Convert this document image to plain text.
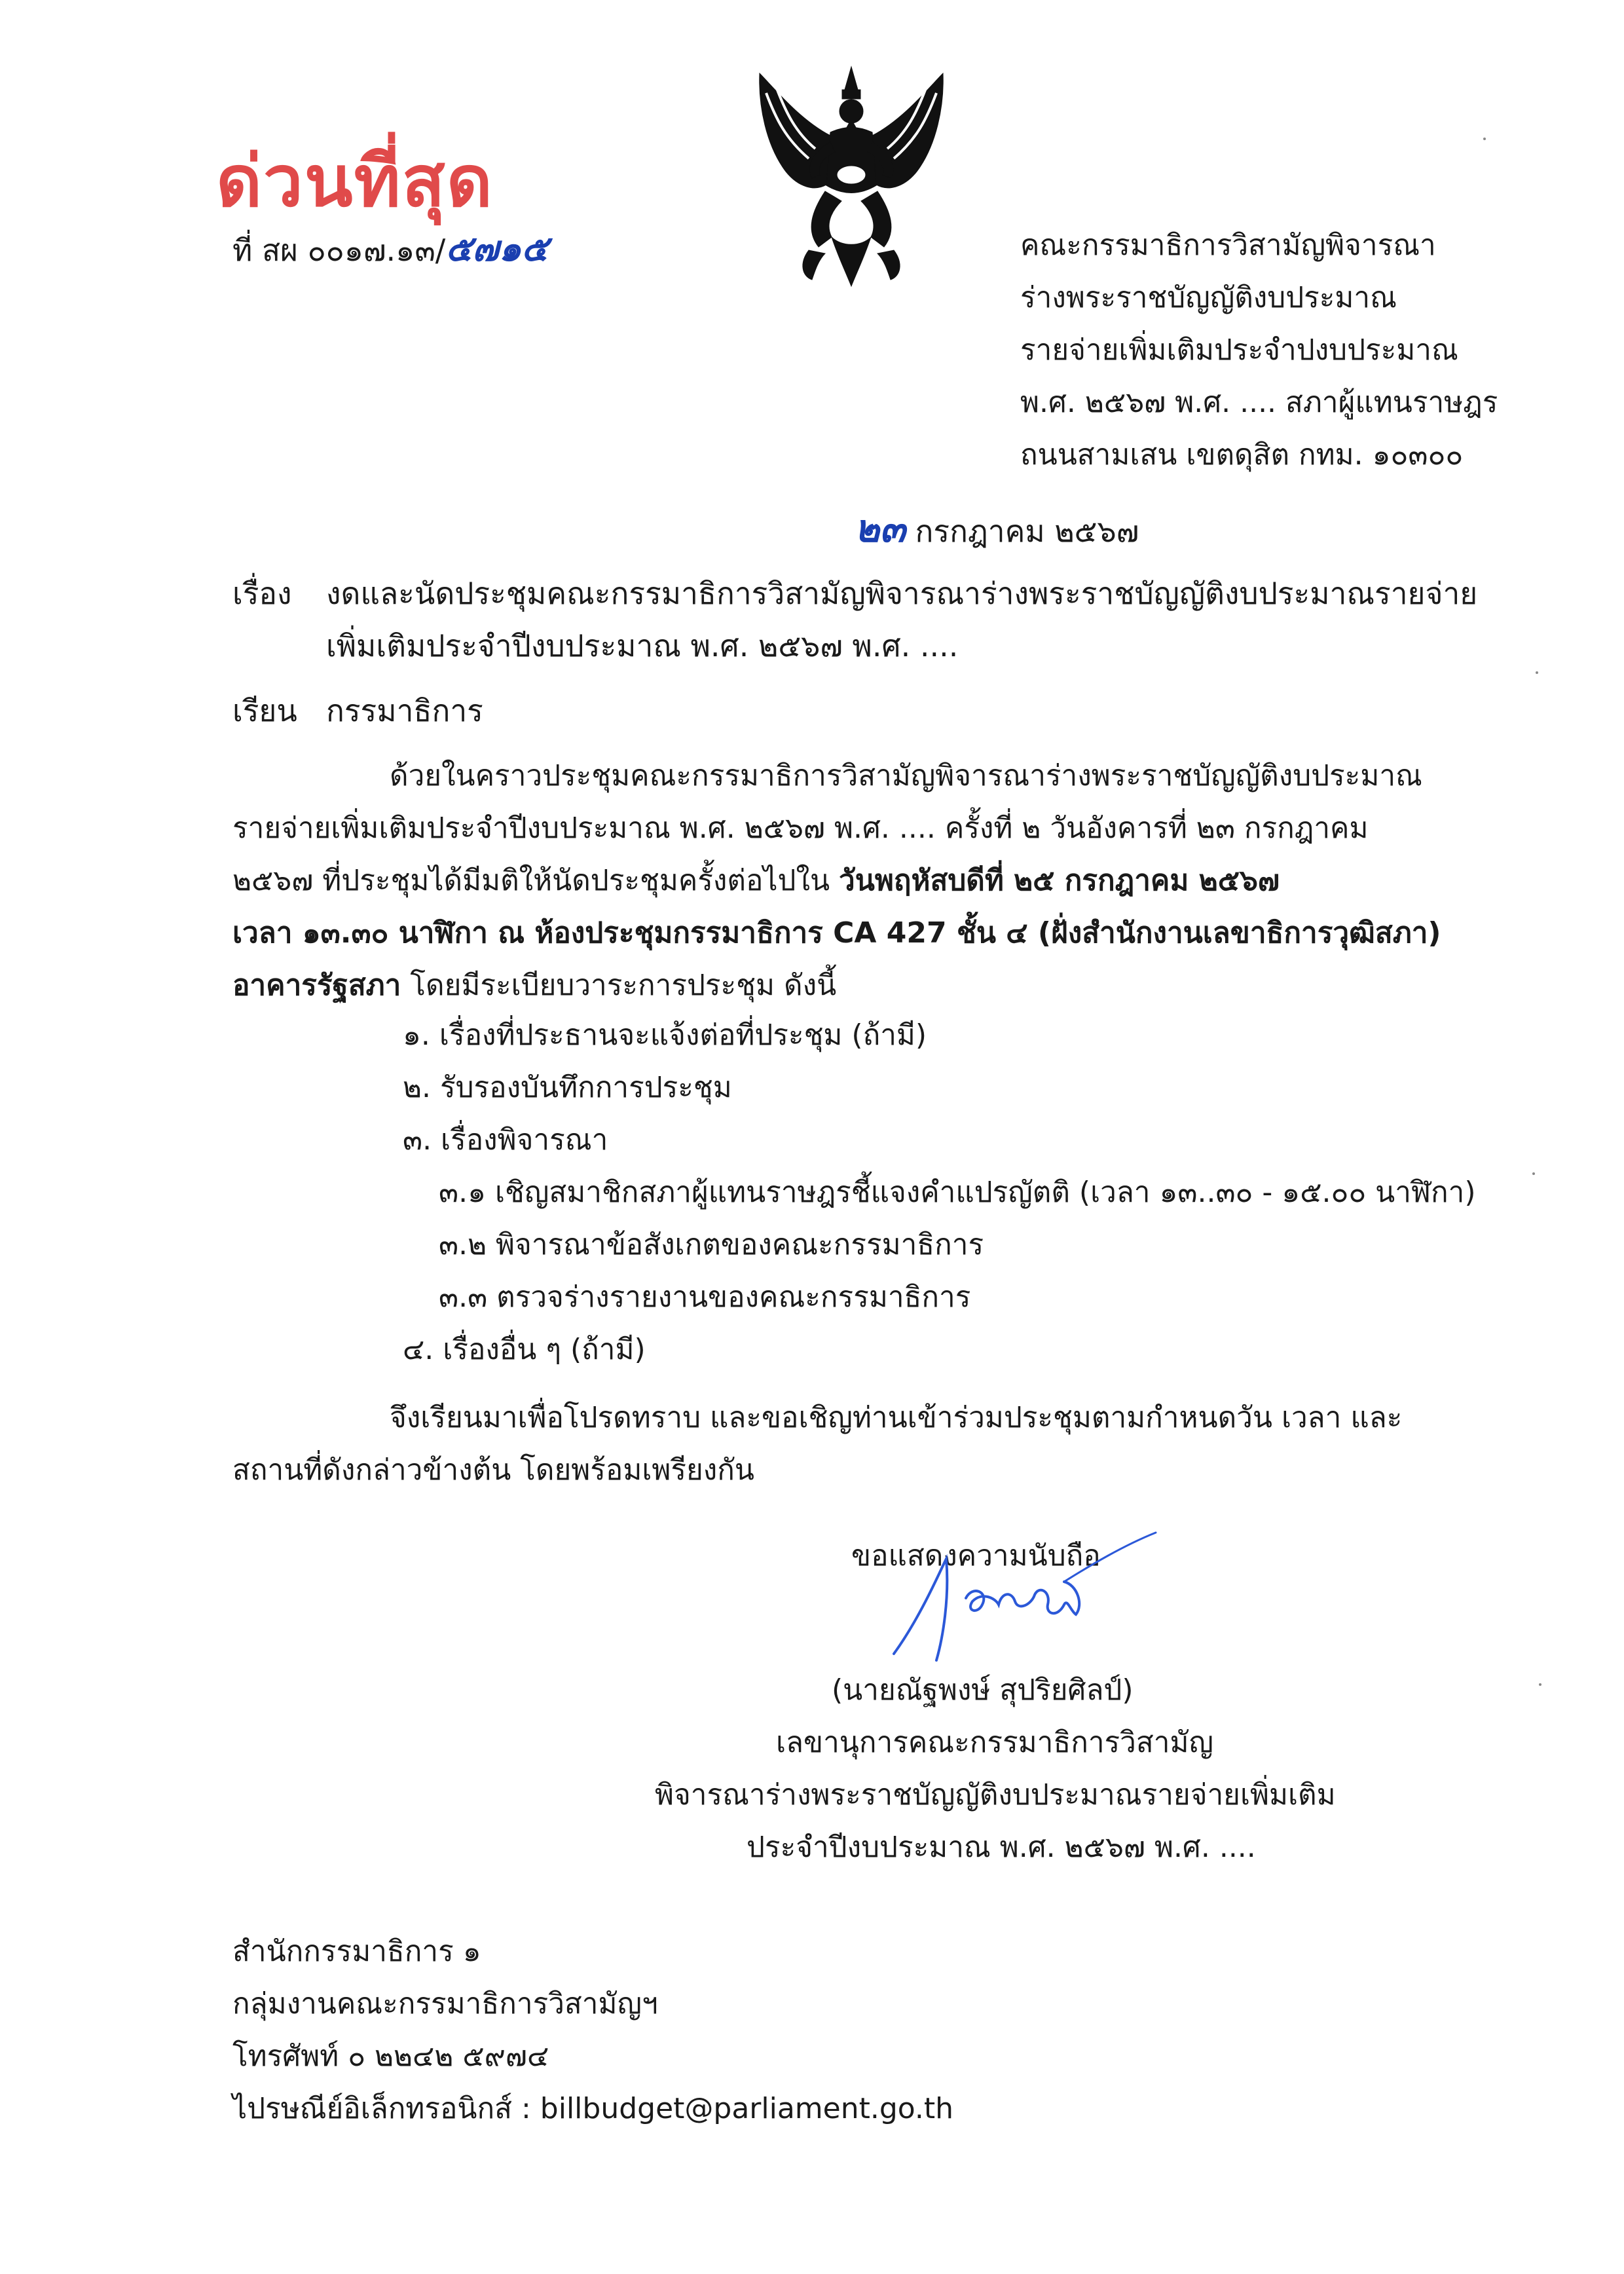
ด่วนที่สุด
ที่ สผ ๐๐๑๗.๑๓/๕๗๑๕	คณะกรรมาธิการวิสามัญพิจารณา
ร่างพระราชบัญญัติงบประมาณ
รายจ่ายเพิ่มเติมประจำปงบประมาณ
พ.ศ. ๒๕๖๗ พ.ศ. .... สภาผู้แทนราษฎร
ถนนสามเสน เขตดุสิต กทม. ๑๐๓๐๐
๒๓ กรกฎาคม ๒๕๖๗
เรื่อง งดและนัดประชุมคณะกรรมาธิการวิสามัญพิจารณาร่างพระราชบัญญัติงบประมาณรายจ่าย
เพิ่มเติมประจำปีงบประมาณ พ.ศ. ๒๕๖๗ พ.ศ. ....
เรียน กรรมาธิการ
ด้วยในคราวประชุมคณะกรรมาธิการวิสามัญพิจารณาร่างพระราชบัญญัติงบประมาณ
รายจ่ายเพิ่มเติมประจำปีงบประมาณ พ.ศ. ๒๕๖๗ พ.ศ. .... ครั้งที่ ๒ วันอังคารที่ ๒๓ กรกฎาคม
๒๕๖๗ ที่ประชุมได้มีมติให้นัดประชุมครั้งต่อไปใน วันพฤหัสบดีที่ ๒๕ กรกฎาคม ๒๕๖๗
เวลา ๑๓.๓๐ นาฬิกา ณ ห้องประชุมกรรมาธิการ CA 427 ชั้น ๔ (ฝั่งสำนักงานเลขาธิการวุฒิสภา)
อาคารรัฐสภา โดยมีระเบียบวาระการประชุม ดังนี้
๑. เรื่องที่ประธานจะแจ้งต่อที่ประชุม (ถ้ามี)
๒. รับรองบันทึกการประชุม
๓. เรื่องพิจารณา
๓.๑ เชิญสมาชิกสภาผู้แทนราษฎรชี้แจงคำแปรญัตติ (เวลา ๑๓..๓๐ - ๑๕.๐๐ นาฬิกา)
๓.๒ พิจารณาข้อสังเกตของคณะกรรมาธิการ
๓.๓ ตรวจร่างรายงานของคณะกรรมาธิการ
๔. เรื่องอื่น ๆ (ถ้ามี)
จึงเรียนมาเพื่อโปรดทราบ และขอเชิญท่านเข้าร่วมประชุมตามกำหนดวัน เวลา และ
สถานที่ดังกล่าวข้างต้น โดยพร้อมเพรียงกัน
ขอแสดงความนับถือ
(นายณัฐพงษ์ สุปริยศิลป์)
เลขานุการคณะกรรมาธิการวิสามัญ
พิจารณาร่างพระราชบัญญัติงบประมาณรายจ่ายเพิ่มเติม
ประจำปีงบประมาณ พ.ศ. ๒๕๖๗ พ.ศ. ....
สำนักกรรมาธิการ ๑
กลุ่มงานคณะกรรมาธิการวิสามัญฯ
โทรศัพท์ ๐ ๒๒๔๒ ๕๙๗๔
ไปรษณีย์อิเล็กทรอนิกส์ : billbudget@parliament.go.th
